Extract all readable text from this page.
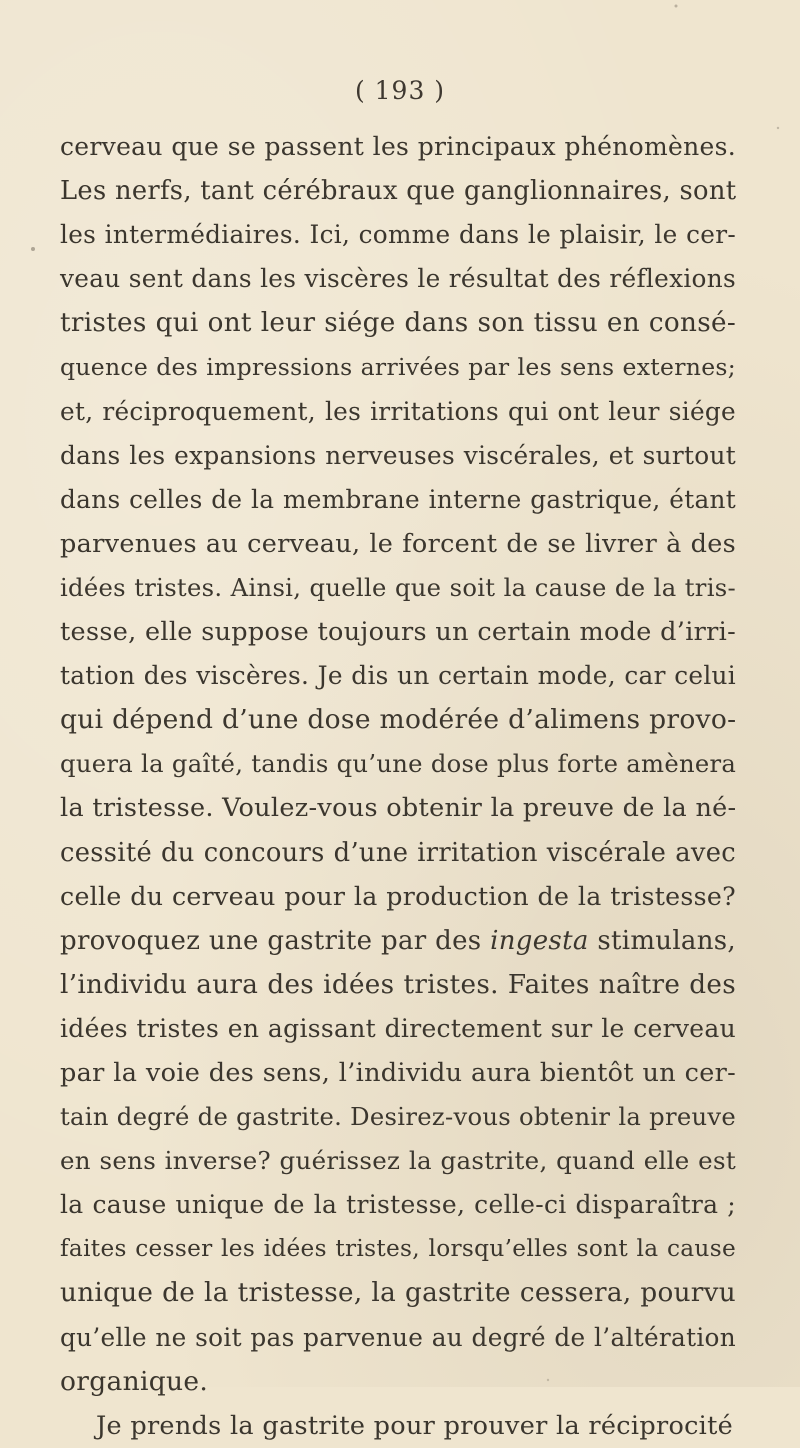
( 193 )
cerveau que se passent les principaux phénomènes.
Les nerfs, tant cérébraux que ganglionnaires, sont
les intermédiaires. Ici, comme dans le plaisir, le cer-
veau sent dans les viscères le résultat des réflexions
tristes qui ont leur siége dans son tissu en consé-
quence des impressions arrivées par les sens externes;
et, réciproquement, les irritations qui ont leur siége
dans les expansions nerveuses viscérales, et surtout
dans celles de la membrane interne gastrique, étant
parvenues au cerveau, le forcent de se livrer à des
idées tristes. Ainsi, quelle que soit la cause de la tris-
tesse, elle suppose toujours un certain mode d’irri-
tation des viscères. Je dis un certain mode, car celui
qui dépend d’une dose modérée d’alimens provo-
quera la gaîté, tandis qu’une dose plus forte amènera
la tristesse. Voulez-vous obtenir la preuve de la né-
cessité du concours d’une irritation viscérale avec
celle du cerveau pour la production de la tristesse?
provoquez une gastrite par des ingesta stimulans,
l’individu aura des idées tristes. Faites naître des
idées tristes en agissant directement sur le cerveau
par la voie des sens, l’individu aura bientôt un cer-
tain degré de gastrite. Desirez-vous obtenir la preuve
en sens inverse? guérissez la gastrite, quand elle est
la cause unique de la tristesse, celle-ci disparaîtra ;
faites cesser les idées tristes, lorsqu’elles sont la cause
unique de la tristesse, la gastrite cessera, pourvu
qu’elle ne soit pas parvenue au degré de l’altération
organique.
Je prends la gastrite pour prouver la réciprocité
